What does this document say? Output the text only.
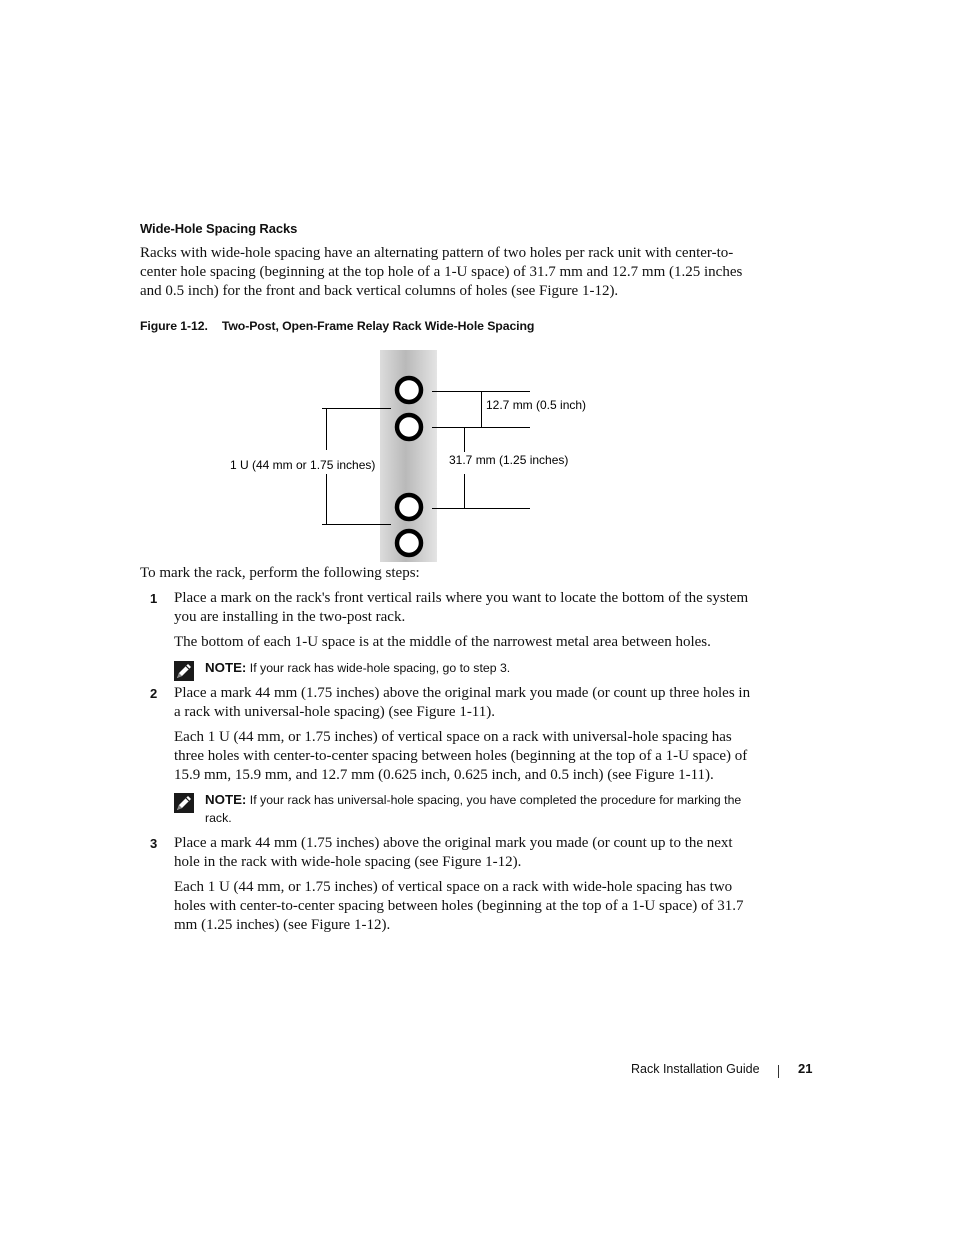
Wide-Hole Spacing Racks
Racks with wide-hole spacing have an alternating pattern of two holes per rack unit with center-to-center hole spacing (beginning at the top hole of a 1-U space) of 31.7 mm and 12.7 mm (1.25 inches and 0.5 inch) for the front and back vertical columns of holes (see Figure 1-12).
Figure 1-12. Two-Post, Open-Frame Relay Rack Wide-Hole Spacing
1 U (44 mm or 1.75 inches)
12.7 mm (0.5 inch)
31.7 mm (1.25 inches)
To mark the rack, perform the following steps:
1	Place a mark on the rack's front vertical rails where you want to locate the bottom of the system you are installing in the two-post rack.
The bottom of each 1-U space is at the middle of the narrowest metal area between holes.
NOTE: If your rack has wide-hole spacing, go to step 3.
2	Place a mark 44 mm (1.75 inches) above the original mark you made (or count up three holes in a rack with universal-hole spacing) (see Figure 1-11).
Each 1 U (44 mm, or 1.75 inches) of vertical space on a rack with universal-hole spacing has three holes with center-to-center spacing between holes (beginning at the top of a 1-U space) of 15.9 mm, 15.9 mm, and 12.7 mm (0.625 inch, 0.625 inch, and 0.5 inch) (see Figure 1-11).
NOTE: If your rack has universal-hole spacing, you have completed the procedure for marking the rack.
3	Place a mark 44 mm (1.75 inches) above the original mark you made (or count up to the next hole in the rack with wide-hole spacing (see Figure 1-12).
Each 1 U (44 mm, or 1.75 inches) of vertical space on a rack with wide-hole spacing has two holes with center-to-center spacing between holes (beginning at the top of a 1-U space) of 31.7 mm (1.25 inches) (see Figure 1-12).
Rack Installation Guide	21
